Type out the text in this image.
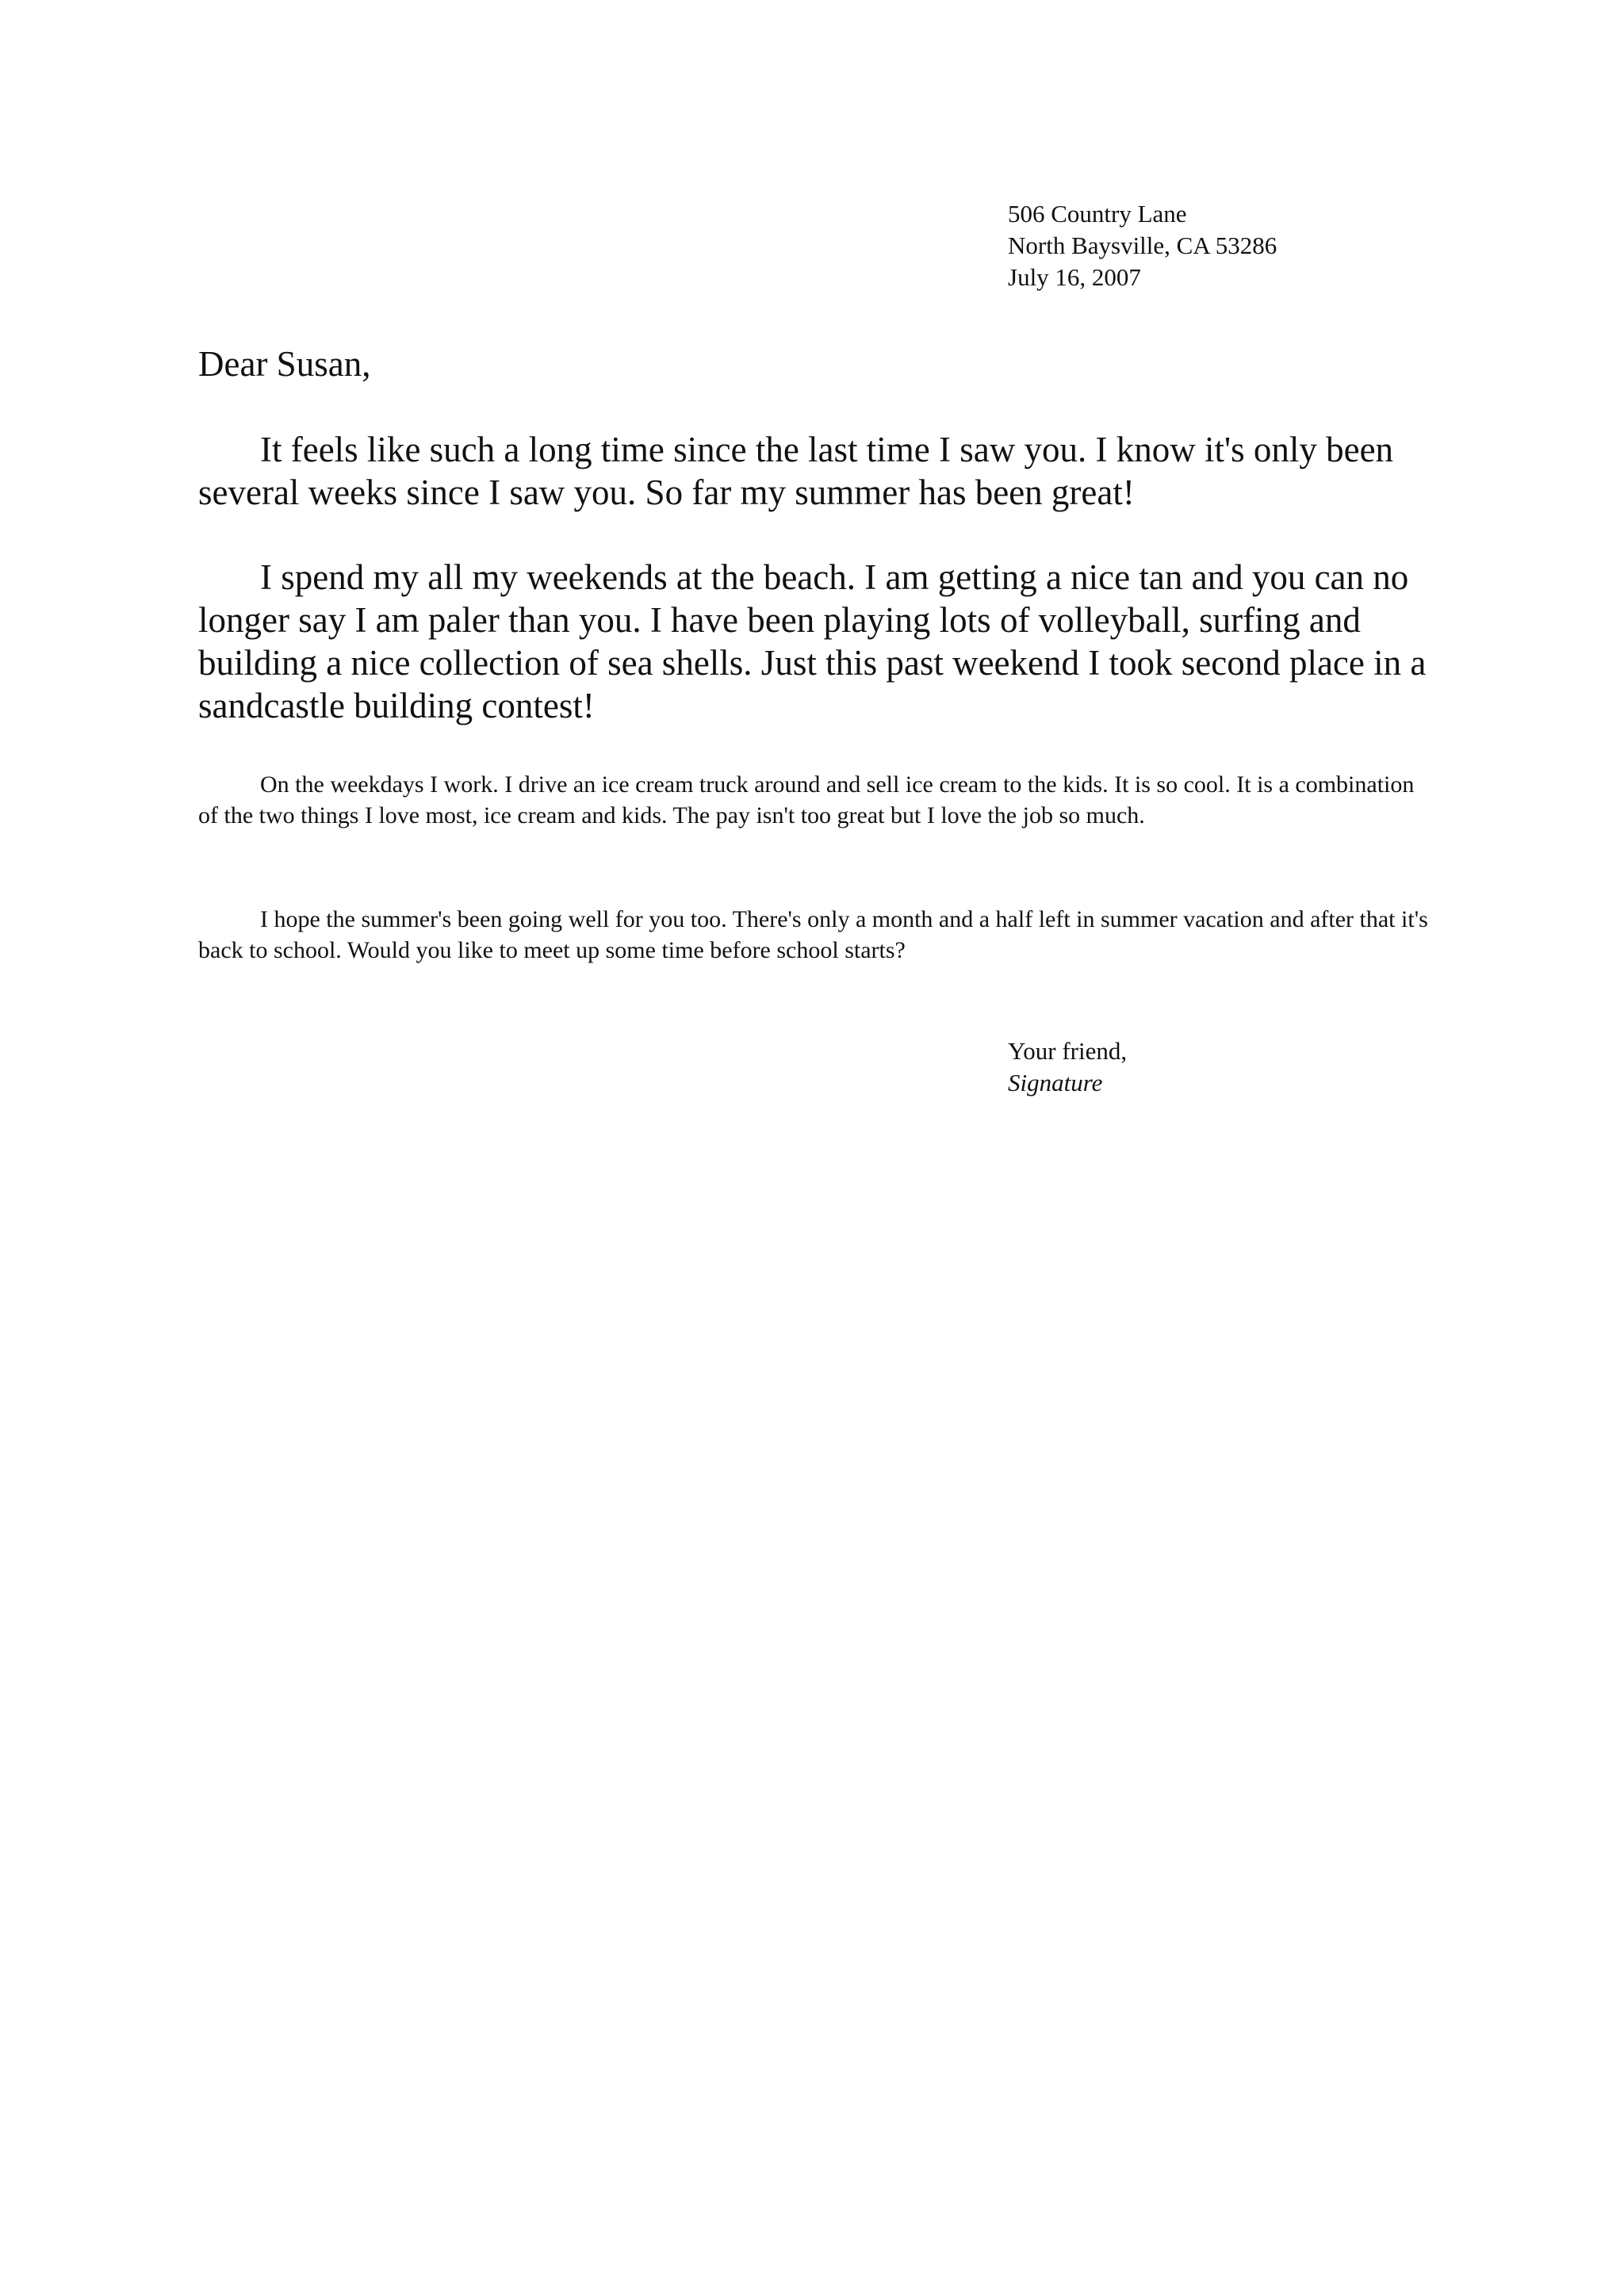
506 Country Lane
North Baysville, CA 53286
July 16, 2007
Dear Susan,

It feels like such a long time since the last time I saw you. I know it's only been several weeks since I saw you. So far my summer has been great!

I spend my all my weekends at the beach. I am getting a nice tan and you can no longer say I am paler than you. I have been playing lots of volleyball, surfing and building a nice collection of sea shells. Just this past weekend I took second place in a sandcastle building contest!

On the weekdays I work. I drive an ice cream truck around and sell ice cream to the kids. It is so cool. It is a combination of the two things I love most, ice cream and kids. The pay isn't too great but I love the job so much.

I hope the summer's been going well for you too. There's only a month and a half left in summer vacation and after that it's back to school. Would you like to meet up some time before school starts?

Your friend,
Signature
